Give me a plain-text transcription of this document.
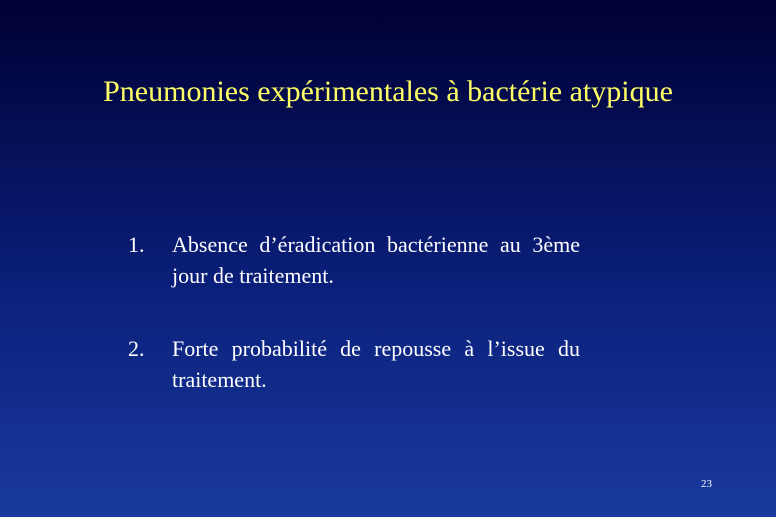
Pneumonies expérimentales à bactérie atypique
1.	Absence d’éradication bactérienne au 3ème jour de traitement.
2.	Forte probabilité de repousse à l’issue du traitement.
23
